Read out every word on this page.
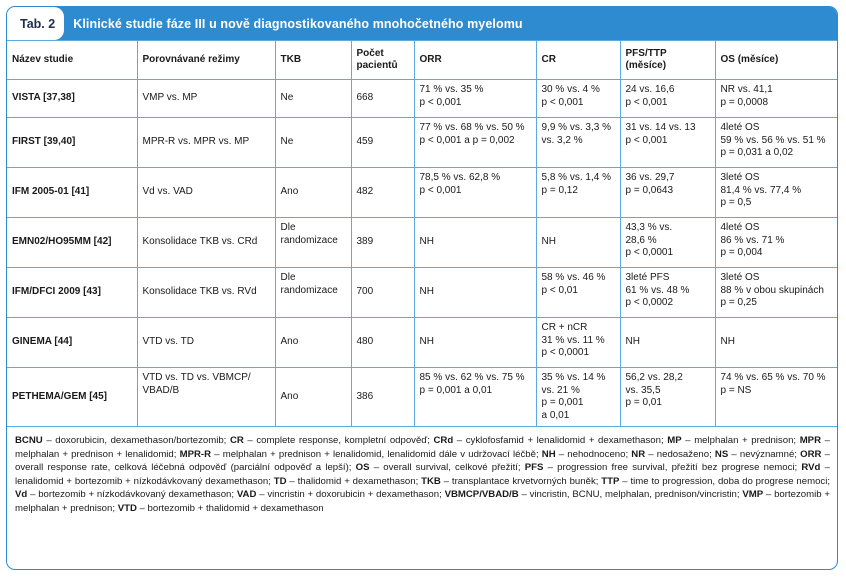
Tab. 2	Klinické studie fáze III u nově diagnostikovaného mnohočetného myelomu
Název studie	Porovnávané režimy	TKB	Počet
pacientů	ORR	CR	PFS/TTP
(měsíce)	OS (měsíce)
VISTA [37,38]	VMP vs. MP	Ne	668	71 % vs. 35 %
p < 0,001	30 % vs. 4 %
p < 0,001	24 vs. 16,6
p < 0,001	NR vs. 41,1
p = 0,0008

FIRST [39,40]	MPR-R vs. MPR vs. MP	Ne	459	77 % vs. 68 % vs. 50 %
p < 0,001 a p = 0,002	9,9 % vs. 3,3 %
vs. 3,2 %	31 vs. 14 vs. 13
p < 0,001	4leté OS
59 % vs. 56 % vs. 51 %
p = 0,031 a 0,02

IFM 2005-01 [41]	Vd vs. VAD	Ano	482	78,5 % vs. 62,8 %
p < 0,001	5,8 % vs. 1,4 %
p = 0,12	36 vs. 29,7
p = 0,0643	3leté OS
81,4 % vs. 77,4 %
p = 0,5

EMN02/HO95MM [42]	Konsolidace TKB vs. CRd	Dle
randomizace	389	NH	NH	43,3 % vs.
28,6 %
p < 0,0001	4leté OS
86 % vs. 71 %
p = 0,004

IFM/DFCI 2009 [43]	Konsolidace TKB vs. RVd	Dle
randomizace	700	NH	58 % vs. 46 %
p < 0,01	3leté PFS
61 % vs. 48 %
p < 0,0002	3leté OS
88 % v obou skupinách
p = 0,25

GINEMA [44]	VTD vs. TD	Ano	480	NH	CR + nCR
31 % vs. 11 %
p < 0,0001	NH	NH

PETHEMA/GEM [45]	VTD vs. TD vs. VBMCP/
VBAD/B	Ano	386	85 % vs. 62 % vs. 75 %
p = 0,001 a 0,01	35 % vs. 14 %
vs. 21 %
p = 0,001
a 0,01	56,2 vs. 28,2
vs. 35,5
p = 0,01	74 % vs. 65 % vs. 70 %
p = NS
BCNU – doxorubicin, dexamethason/bortezomib; CR – complete response, kompletní odpověď; CRd – cyklofosfamid + lenalidomid + dexamethason; MP – melphalan + prednison; MPR – melphalan + prednison + lenalidomid; MPR-R – melphalan + prednison + lenalidomid, lenalidomid dále v udržovací léčbě; NH – nehodnoceno; NR – nedosaženo; NS – nevýznamné; ORR – overall response rate, celková léčebná odpověď (parciální odpověď a lepší); OS – overall survival, celkové přežití; PFS – progression free survival, přežití bez progrese nemoci; RVd – lenalidomid + bortezomib + nízkodávkovaný dexamethason; TD – thalidomid + dexamethason; TKB – transplantace krvetvorných buněk; TTP – time to progression, doba do progrese nemoci; Vd – bortezomib + nízkodávkovaný dexamethason; VAD – vincristin + doxorubicin + dexamethason; VBMCP/VBAD/B – vincristin, BCNU, melphalan, prednison/vincristin; VMP – bortezomib + melphalan + prednison; VTD – bortezomib + thalidomid + dexamethason
